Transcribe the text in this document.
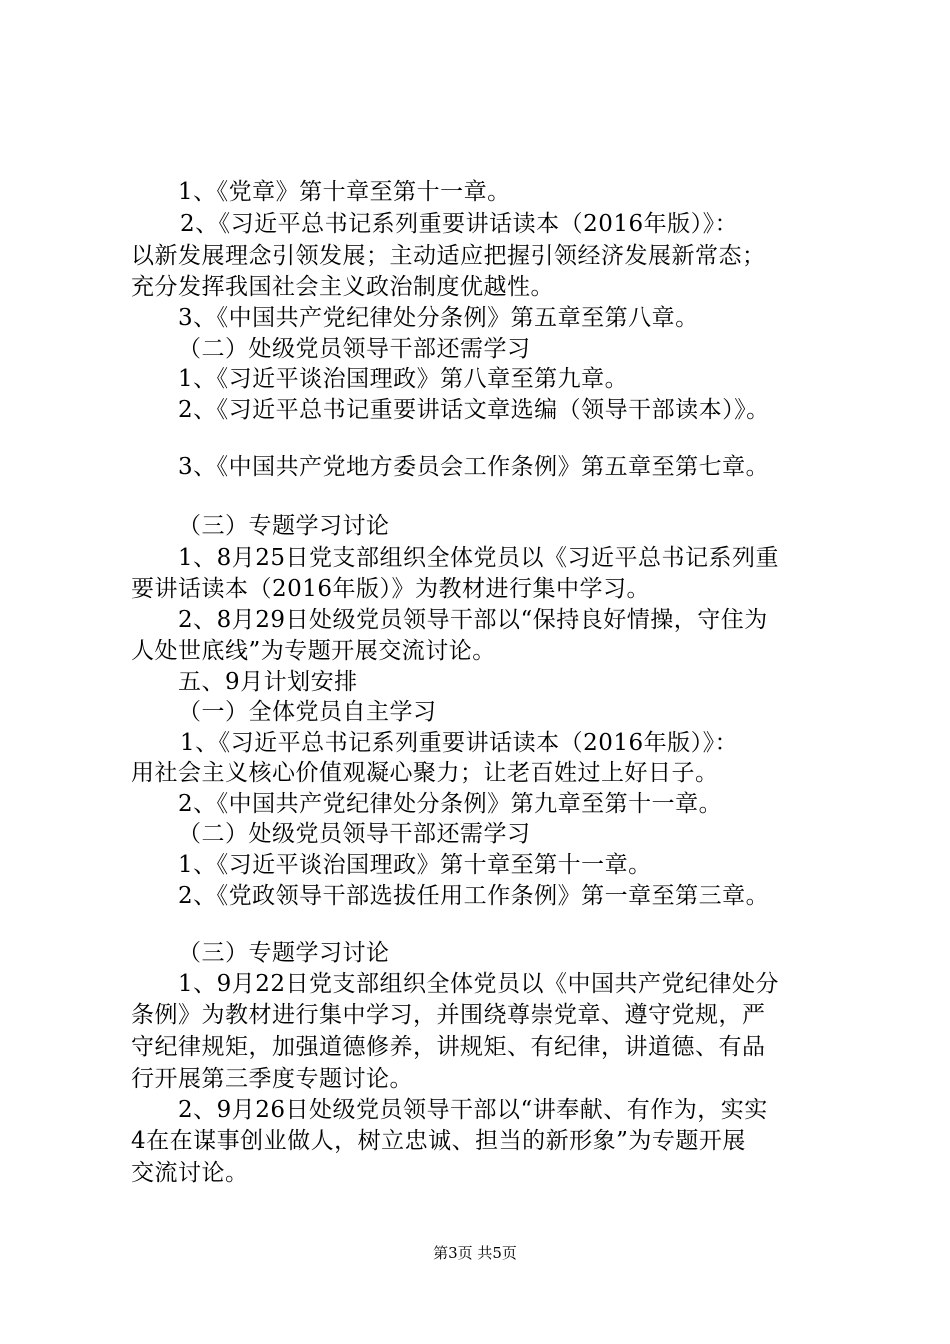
1、《党章》第十章至第十一章。
2、《习近平总书记系列重要讲话读本（2016年版）》：
以新发展理念引领发展；主动适应把握引领经济发展新常态；
充分发挥我国社会主义政治制度优越性。
3、《中国共产党纪律处分条例》第五章至第八章。
（二）处级党员领导干部还需学习
1、《习近平谈治国理政》第八章至第九章。
2、《习近平总书记重要讲话文章选编（领导干部读本）》。
3、《中国共产党地方委员会工作条例》第五章至第七章。
（三）专题学习讨论
1、8月25日党支部组织全体党员以《习近平总书记系列重
要讲话读本（2016年版）》为教材进行集中学习。
2、8月29日处级党员领导干部以“保持良好情操，守住为
人处世底线”为专题开展交流讨论。
五、9月计划安排
（一）全体党员自主学习
1、《习近平总书记系列重要讲话读本（2016年版）》：
用社会主义核心价值观凝心聚力；让老百姓过上好日子。
2、《中国共产党纪律处分条例》第九章至第十一章。
（二）处级党员领导干部还需学习
1、《习近平谈治国理政》第十章至第十一章。
2、《党政领导干部选拔任用工作条例》第一章至第三章。
（三）专题学习讨论
1、9月22日党支部组织全体党员以《中国共产党纪律处分
条例》为教材进行集中学习，并围绕尊崇党章、遵守党规，严
守纪律规矩，加强道德修养，讲规矩、有纪律，讲道德、有品
行开展第三季度专题讨论。
2、9月26日处级党员领导干部以“讲奉献、有作为，实实
4在在谋事创业做人，树立忠诚、担当的新形象”为专题开展
交流讨论。
第3页 共5页
